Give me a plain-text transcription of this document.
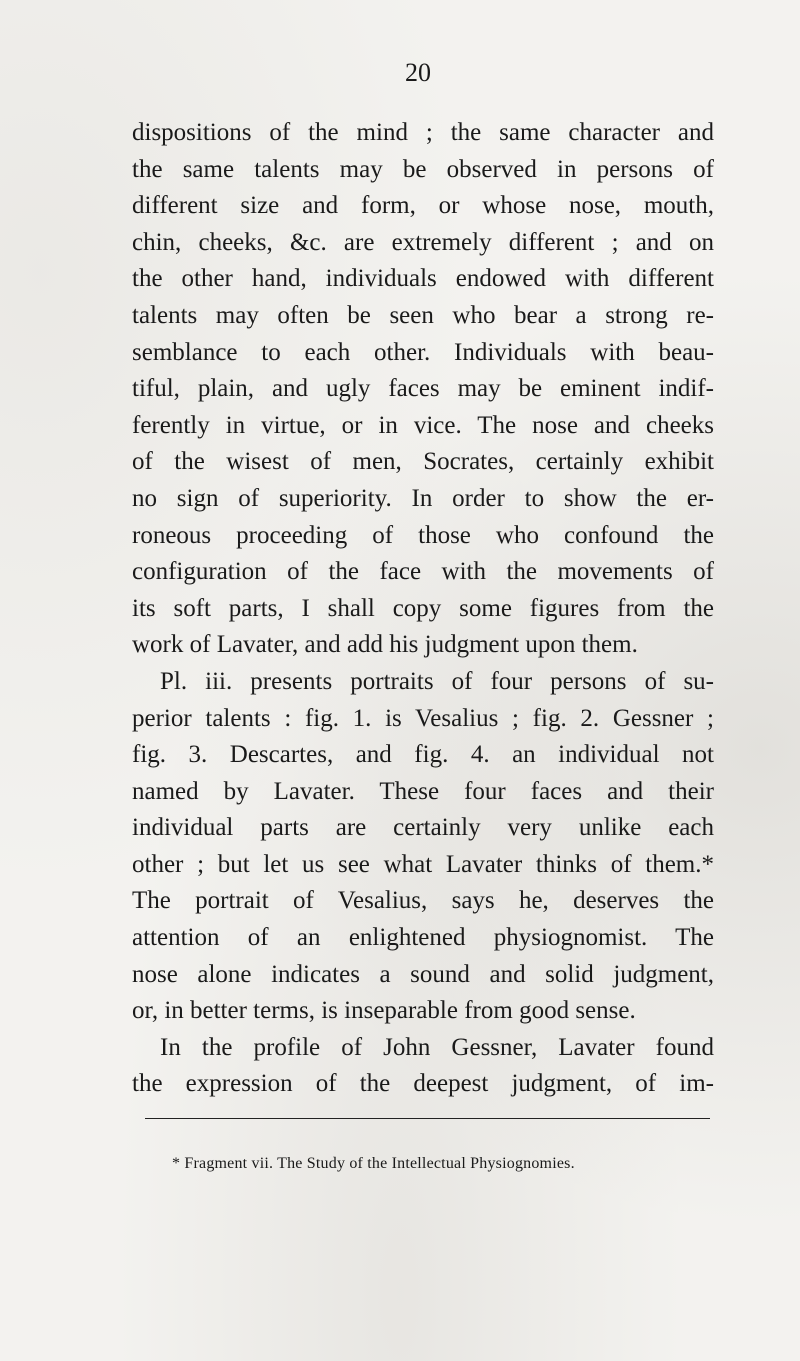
20
dispositions of the mind ; the same character and
the same talents may be observed in persons of
different size and form, or whose nose, mouth,
chin, cheeks, &c. are extremely different ; and on
the other hand, individuals endowed with different
talents may often be seen who bear a strong re-
semblance to each other. Individuals with beau-
tiful, plain, and ugly faces may be eminent indif-
ferently in virtue, or in vice. The nose and cheeks
of the wisest of men, Socrates, certainly exhibit
no sign of superiority. In order to show the er-
roneous proceeding of those who confound the
configuration of the face with the movements of
its soft parts, I shall copy some figures from the
work of Lavater, and add his judgment upon them.
Pl. iii. presents portraits of four persons of su-
perior talents : fig. 1. is Vesalius ; fig. 2. Gessner ;
fig. 3. Descartes, and fig. 4. an individual not
named by Lavater. These four faces and their
individual parts are certainly very unlike each
other ; but let us see what Lavater thinks of them.*
The portrait of Vesalius, says he, deserves the
attention of an enlightened physiognomist. The
nose alone indicates a sound and solid judgment,
or, in better terms, is inseparable from good sense.
In the profile of John Gessner, Lavater found
the expression of the deepest judgment, of im-
* Fragment vii. The Study of the Intellectual Physiognomies.
